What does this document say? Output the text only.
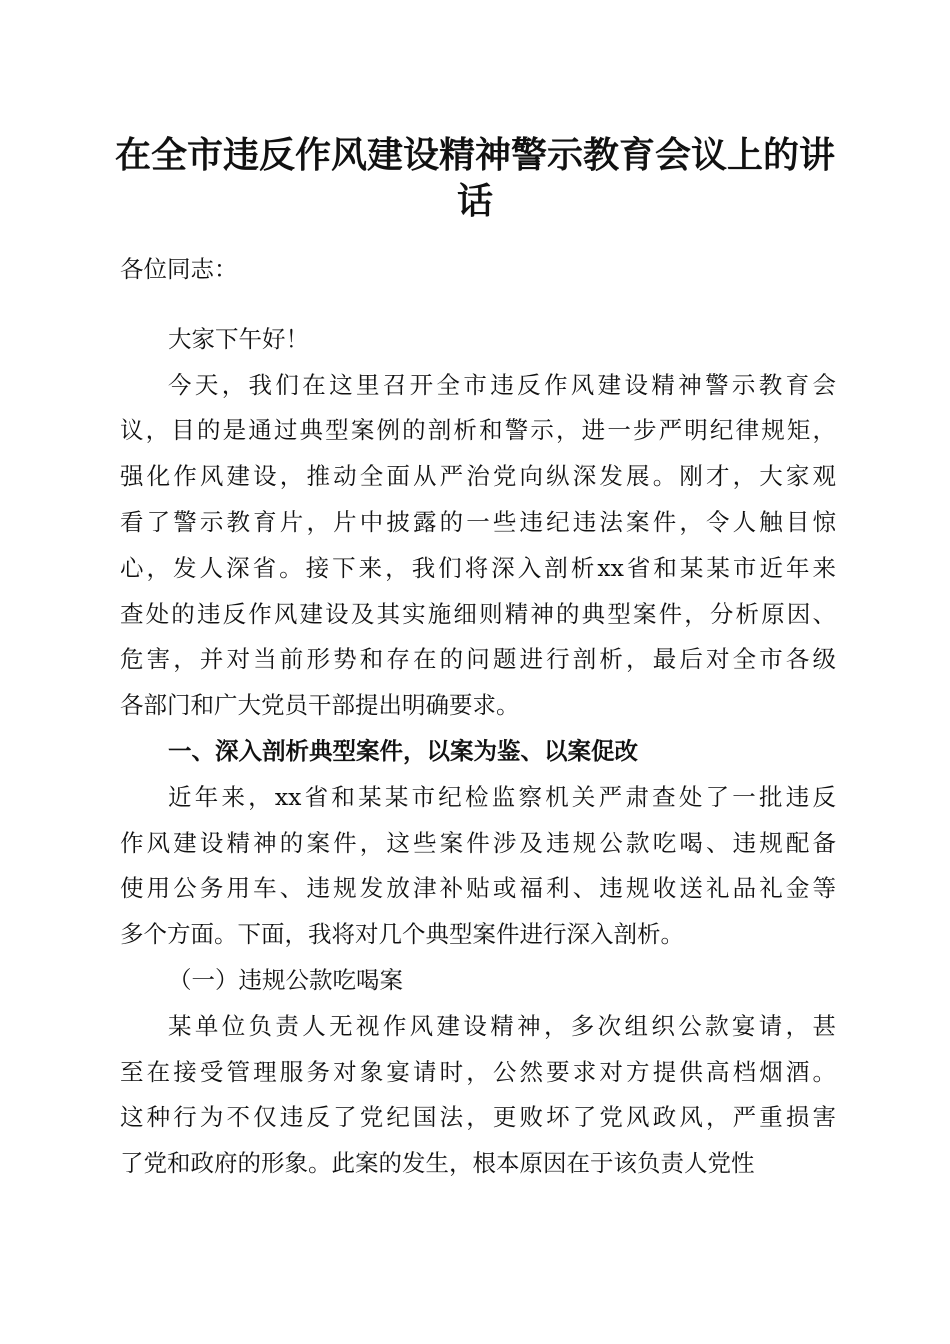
在全市违反作风建设精神警示教育会议上的讲
话
各位同志：
大家下午好！
今天，我们在这里召开全市违反作风建设精神警示教育会
议，目的是通过典型案例的剖析和警示，进一步严明纪律规矩，
强化作风建设，推动全面从严治党向纵深发展。刚才，大家观
看了警示教育片，片中披露的一些违纪违法案件，令人触目惊
心，发人深省。接下来，我们将深入剖析xx省和某某市近年来
查处的违反作风建设及其实施细则精神的典型案件，分析原因、
危害，并对当前形势和存在的问题进行剖析，最后对全市各级
各部门和广大党员干部提出明确要求。
一、深入剖析典型案件，以案为鉴、以案促改
近年来，xx省和某某市纪检监察机关严肃查处了一批违反
作风建设精神的案件，这些案件涉及违规公款吃喝、违规配备
使用公务用车、违规发放津补贴或福利、违规收送礼品礼金等
多个方面。下面，我将对几个典型案件进行深入剖析。
（一）违规公款吃喝案
某单位负责人无视作风建设精神，多次组织公款宴请，甚
至在接受管理服务对象宴请时，公然要求对方提供高档烟酒。
这种行为不仅违反了党纪国法，更败坏了党风政风，严重损害
了党和政府的形象。此案的发生，根本原因在于该负责人党性
